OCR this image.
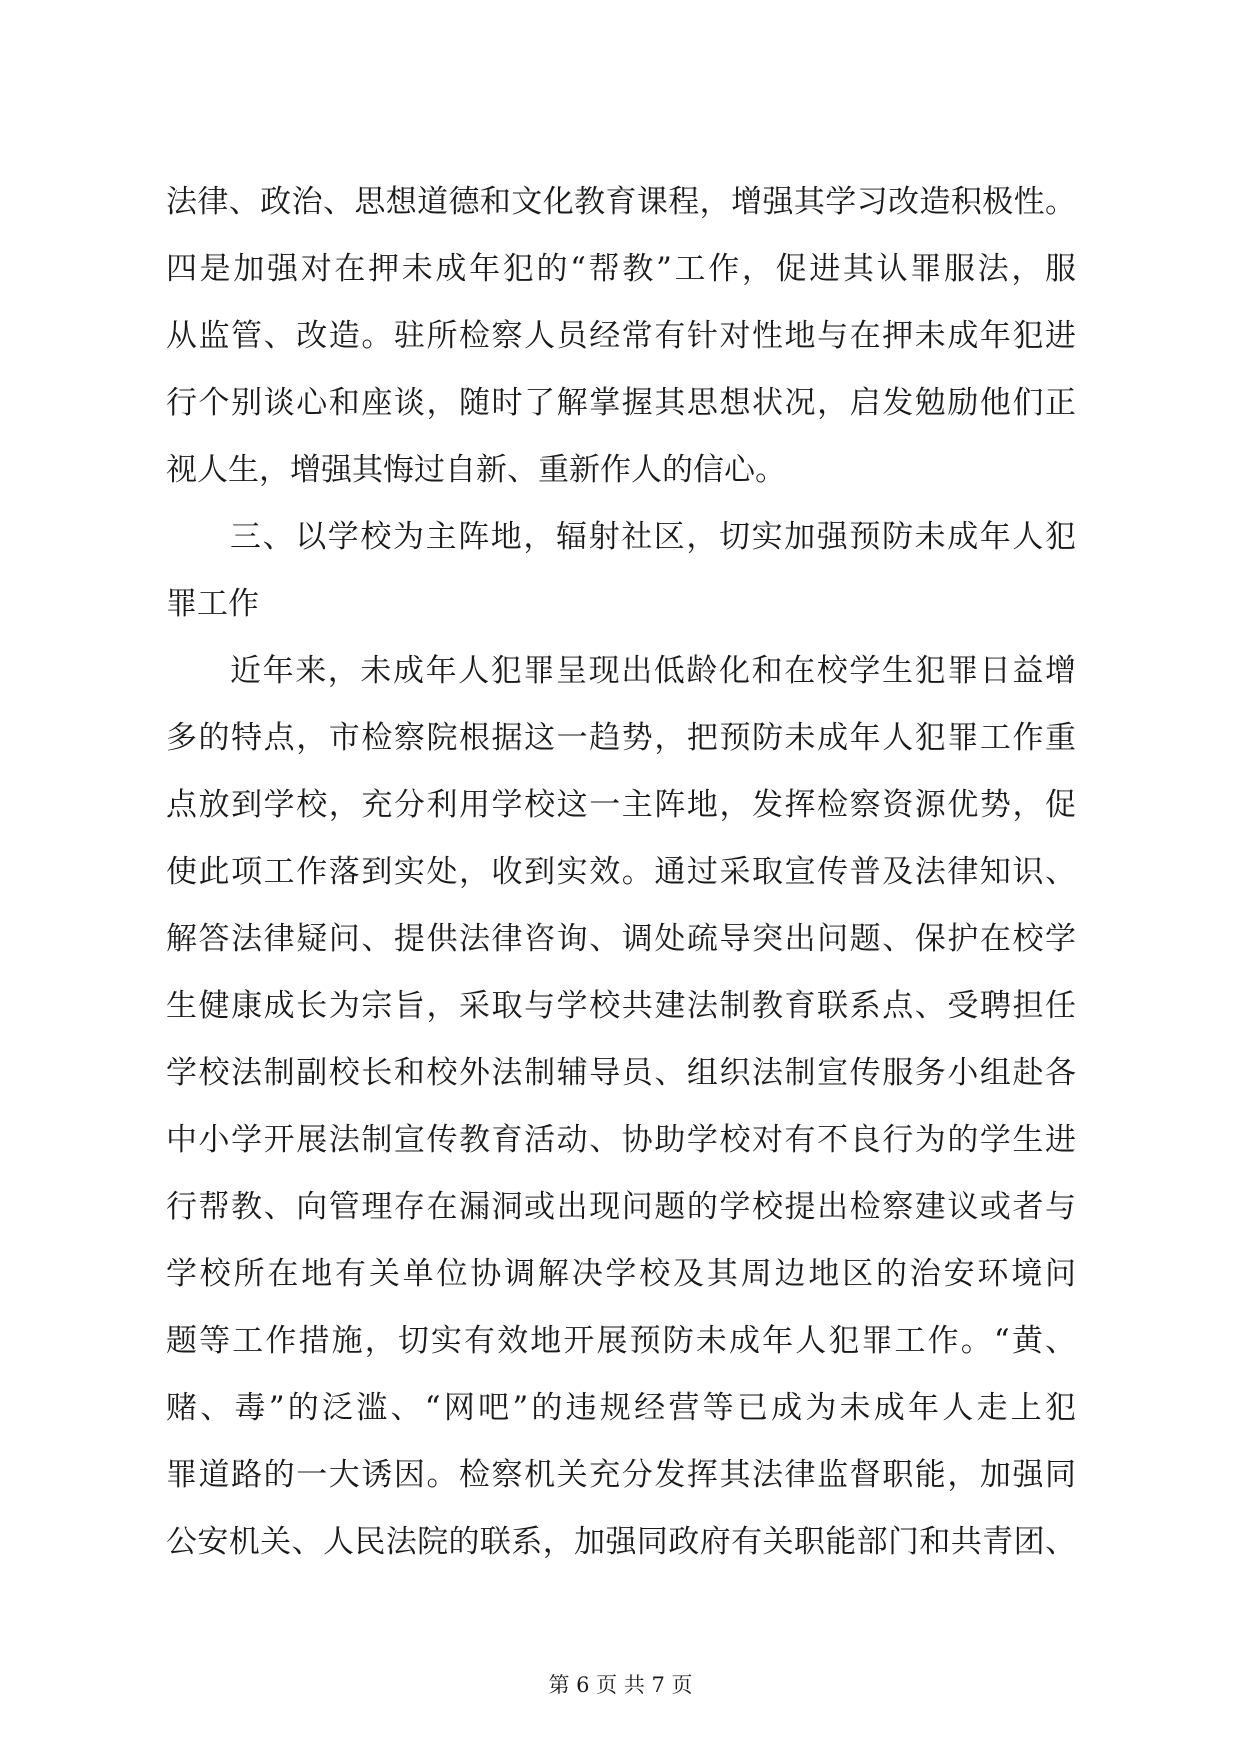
法律、政治、思想道德和文化教育课程，增强其学习改造积极性。
四是加强对在押未成年犯的“帮教”工作，促进其认罪服法，服
从监管、改造。驻所检察人员经常有针对性地与在押未成年犯进
行个别谈心和座谈，随时了解掌握其思想状况，启发勉励他们正
视人生，增强其悔过自新、重新作人的信心。
三、以学校为主阵地，辐射社区，切实加强预防未成年人犯
罪工作
近年来，未成年人犯罪呈现出低龄化和在校学生犯罪日益增
多的特点，市检察院根据这一趋势，把预防未成年人犯罪工作重
点放到学校，充分利用学校这一主阵地，发挥检察资源优势，促
使此项工作落到实处，收到实效。通过采取宣传普及法律知识、
解答法律疑问、提供法律咨询、调处疏导突出问题、保护在校学
生健康成长为宗旨，采取与学校共建法制教育联系点、受聘担任
学校法制副校长和校外法制辅导员、组织法制宣传服务小组赴各
中小学开展法制宣传教育活动、协助学校对有不良行为的学生进
行帮教、向管理存在漏洞或出现问题的学校提出检察建议或者与
学校所在地有关单位协调解决学校及其周边地区的治安环境问
题等工作措施，切实有效地开展预防未成年人犯罪工作。“黄、
赌、毒”的泛滥、“网吧”的违规经营等已成为未成年人走上犯
罪道路的一大诱因。检察机关充分发挥其法律监督职能，加强同
公安机关、人民法院的联系，加强同政府有关职能部门和共青团、
第 6 页 共 7 页
